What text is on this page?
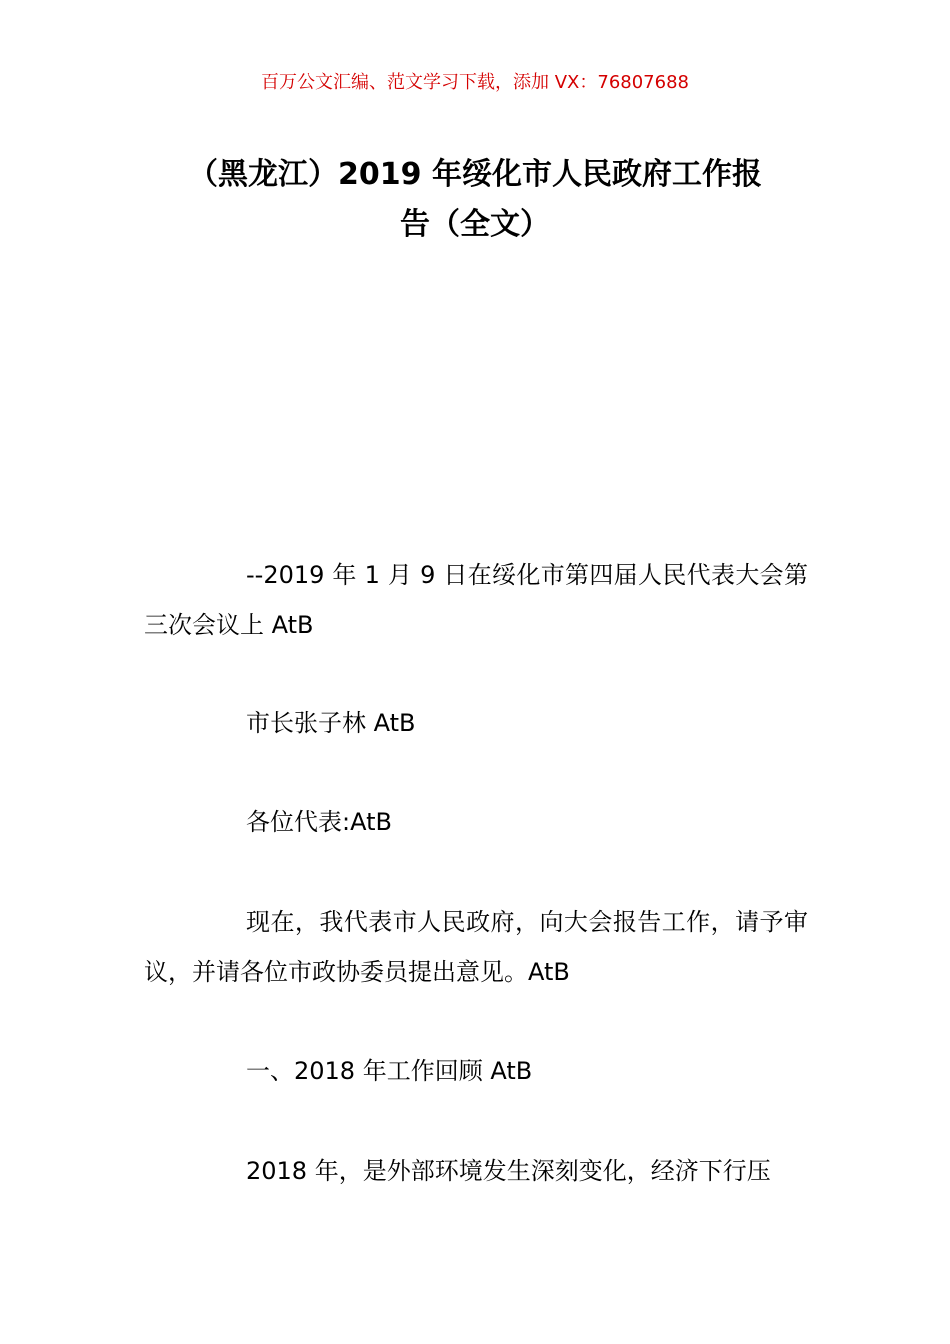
百万公文汇编、范文学习下载，添加 VX：76807688
（黑龙江）2019 年绥化市人民政府工作报
告（全文）

--2019 年 1 月 9 日在绥化市第四届人民代表大会第三次会议上 AtB

市长张子林 AtB

各位代表:AtB

现在，我代表市人民政府，向大会报告工作，请予审议，并请各位市政协委员提出意见。AtB

一、2018 年工作回顾 AtB

2018 年，是外部环境发生深刻变化，经济下行压
